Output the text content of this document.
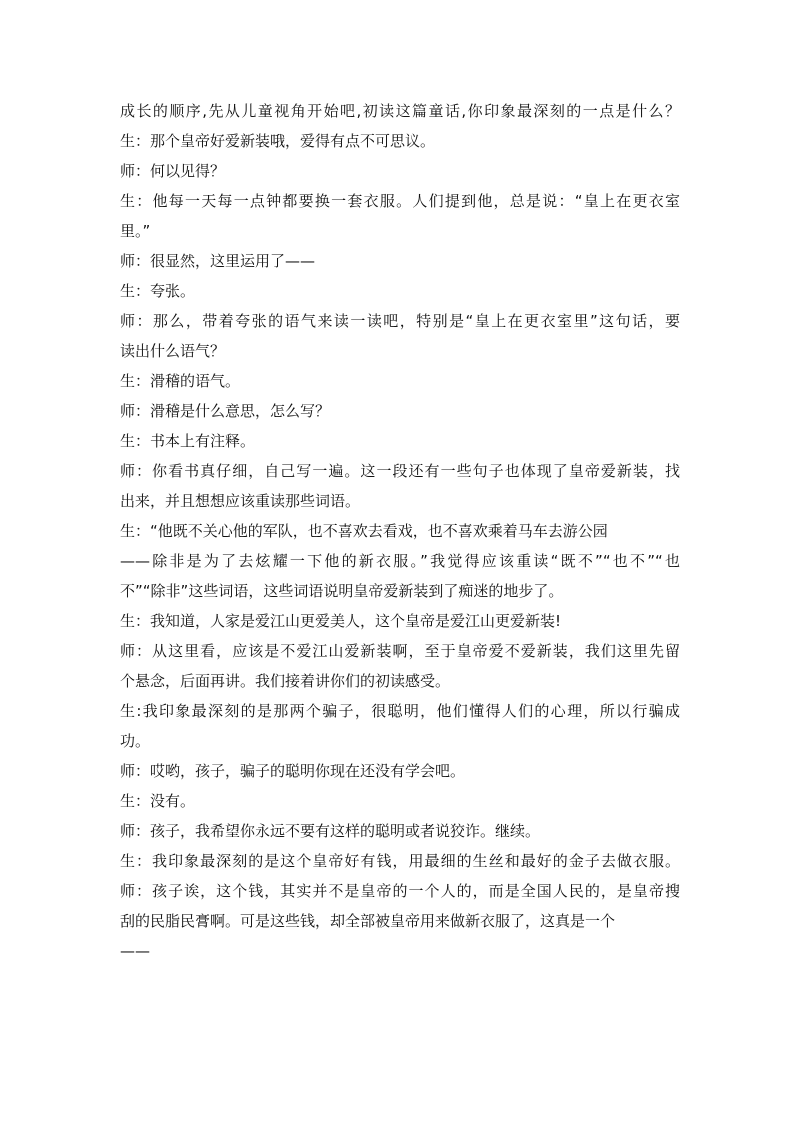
成长的顺序,先从儿童视角开始吧,初读这篇童话,你印象最深刻的一点是什么？
生：那个皇帝好爱新装哦，爱得有点不可思议。
师：何以见得？
生：他每一天每一点钟都要换一套衣服。人们提到他，总是说：“皇上在更衣室
里。”
师：很显然，这里运用了——
生：夸张。
师：那么，带着夸张的语气来读一读吧，特别是“皇上在更衣室里”这句话，要
读出什么语气？
生：滑稽的语气。
师：滑稽是什么意思，怎么写？
生：书本上有注释。
师：你看书真仔细，自己写一遍。这一段还有一些句子也体现了皇帝爱新装，找
出来，并且想想应该重读那些词语。
生：“他既不关心他的军队，也不喜欢去看戏，也不喜欢乘着马车去游公园
——除非是为了去炫耀一下他的新衣服。”我觉得应该重读“既不”“也不”“也
不”“除非”这些词语，这些词语说明皇帝爱新装到了痴迷的地步了。
生：我知道，人家是爱江山更爱美人，这个皇帝是爱江山更爱新装!
师：从这里看，应该是不爱江山爱新装啊，至于皇帝爱不爱新装，我们这里先留
个悬念，后面再讲。我们接着讲你们的初读感受。
生:我印象最深刻的是那两个骗子，很聪明，他们懂得人们的心理，所以行骗成
功。
师：哎哟，孩子，骗子的聪明你现在还没有学会吧。
生：没有。
师：孩子，我希望你永远不要有这样的聪明或者说狡诈。继续。
生：我印象最深刻的是这个皇帝好有钱，用最细的生丝和最好的金子去做衣服。
师：孩子诶，这个钱，其实并不是皇帝的一个人的，而是全国人民的，是皇帝搜
刮的民脂民膏啊。可是这些钱，却全部被皇帝用来做新衣服了，这真是一个
——
